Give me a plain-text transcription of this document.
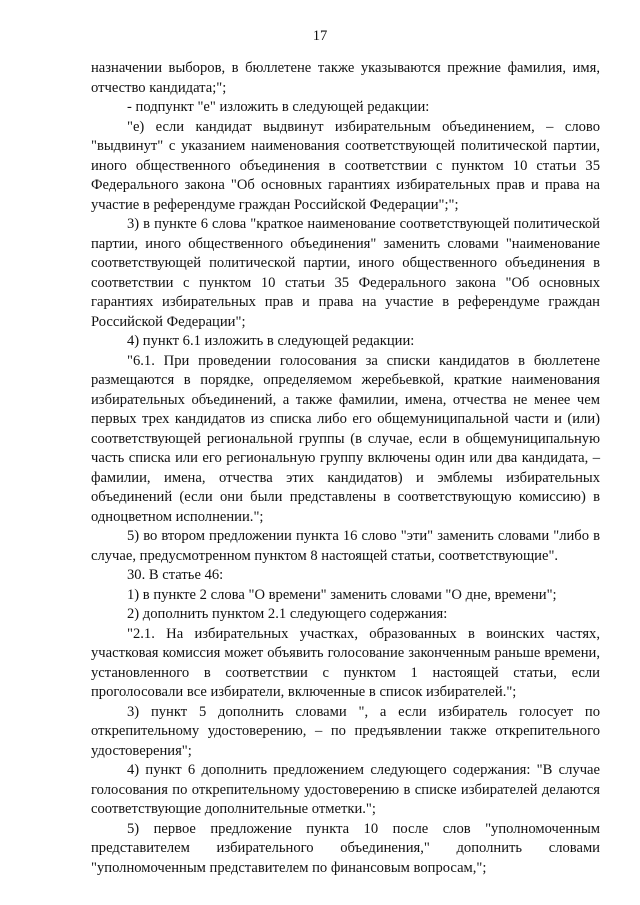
17

назначении выборов, в бюллетене также указываются прежние фамилия, имя, отчество кандидата;";

- подпункт "е" изложить в следующей редакции:

"е) если кандидат выдвинут избирательным объединением, – слово "выдвинут" с указанием наименования соответствующей политической партии, иного общественного объединения в соответствии с пунктом 10 статьи 35 Федерального закона "Об основных гарантиях избирательных прав и права на участие в референдуме граждан Российской Федерации";";

3) в пункте 6 слова "краткое наименование соответствующей политической партии, иного общественного объединения" заменить словами "наименование соответствующей политической партии, иного общественного объединения в соответствии с пунктом 10 статьи 35 Федерального закона "Об основных гарантиях избирательных прав и права на участие в референдуме граждан Российской Федерации";

4) пункт 6.1 изложить в следующей редакции:

"6.1. При проведении голосования за списки кандидатов в бюллетене размещаются в порядке, определяемом жеребьевкой, краткие наименования избирательных объединений, а также фамилии, имена, отчества не менее чем первых трех кандидатов из списка либо его общемуниципальной части и (или) соответствующей региональной группы (в случае, если в общемуниципальную часть списка или его региональную группу включены один или два кандидата, – фамилии, имена, отчества этих кандидатов) и эмблемы избирательных объединений (если они были представлены в соответствующую комиссию) в одноцветном исполнении.";

5) во втором предложении пункта 16 слово "эти" заменить словами "либо в случае, предусмотренном пунктом 8 настоящей статьи, соответствующие".

30. В статье 46:

1) в пункте 2 слова "О времени" заменить словами "О дне, времени";

2) дополнить пунктом 2.1 следующего содержания:

"2.1. На избирательных участках, образованных в воинских частях, участковая комиссия может объявить голосование законченным раньше времени, установленного в соответствии с пунктом 1 настоящей статьи, если проголосовали все избиратели, включенные в список избирателей.";

3) пункт 5 дополнить словами ", а если избиратель голосует по открепительному удостоверению, – по предъявлении также открепительного удостоверения";

4) пункт 6 дополнить предложением следующего содержания: "В случае голосования по открепительному удостоверению в списке избирателей делаются соответствующие дополнительные отметки.";

5) первое предложение пункта 10 после слов "уполномоченным представителем избирательного объединения," дополнить словами "уполномоченным представителем по финансовым вопросам,";
